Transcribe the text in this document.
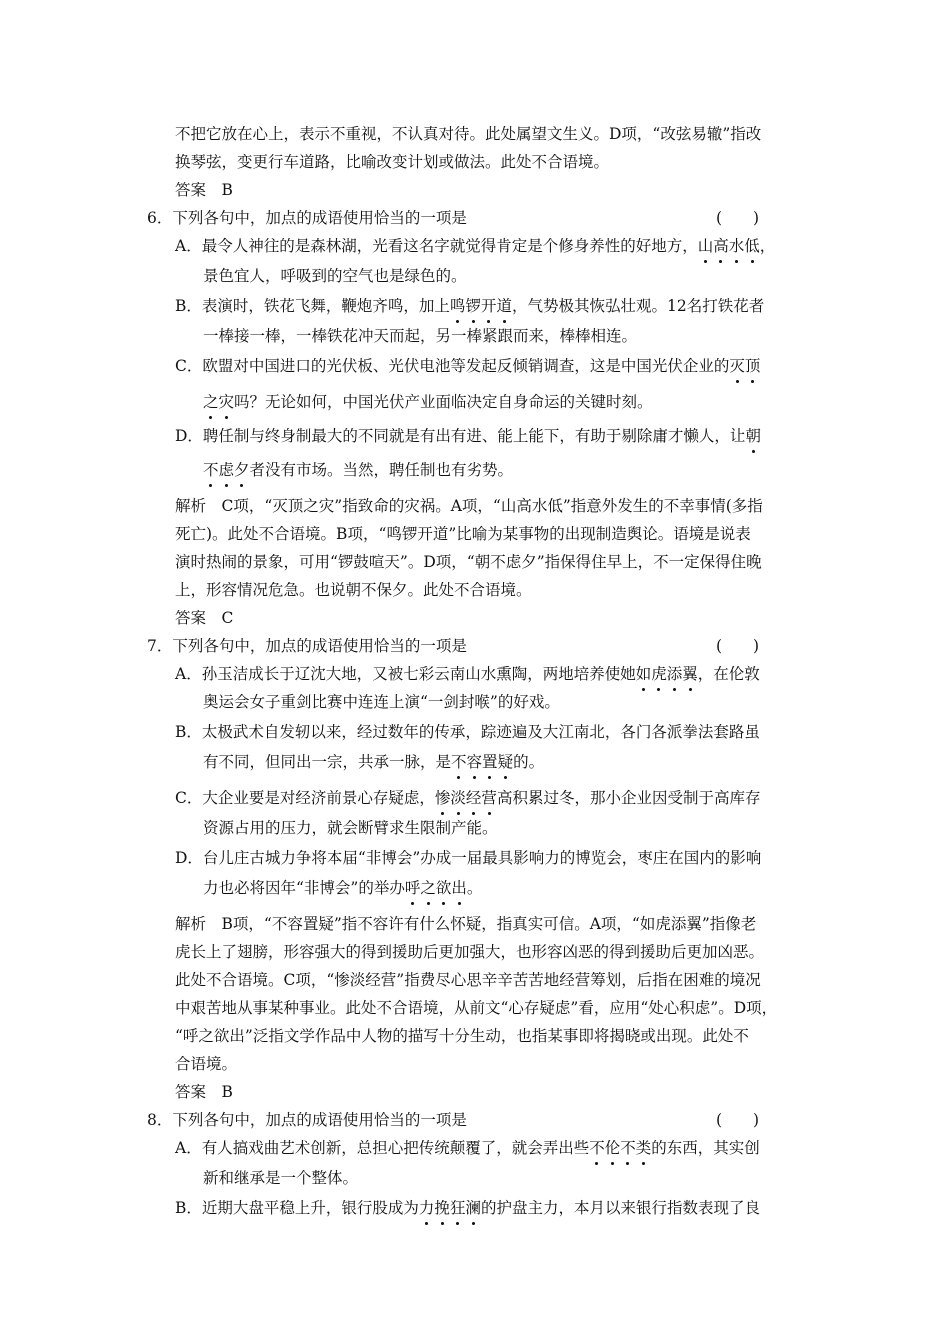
不把它放在心上，表示不重视，不认真对待。此处属望文生义。D项，“改弦易辙”指改
换琴弦，变更行车道路，比喻改变计划或做法。此处不合语境。
答案　B
6．下列各句中，加点的成语使用恰当的一项是
A．最令人神往的是森林湖，光看这名字就觉得肯定是个修身养性的好地方，山高水低，
景色宜人，呼吸到的空气也是绿色的。
B．表演时，铁花飞舞，鞭炮齐鸣，加上鸣锣开道，气势极其恢弘壮观。12名打铁花者
一棒接一棒，一棒铁花冲天而起，另一棒紧跟而来，棒棒相连。
C．欧盟对中国进口的光伏板、光伏电池等发起反倾销调查，这是中国光伏企业的灭顶
之灾吗？无论如何，中国光伏产业面临决定自身命运的关键时刻。
D．聘任制与终身制最大的不同就是有出有进、能上能下，有助于剔除庸才懒人，让朝
不虑夕者没有市场。当然，聘任制也有劣势。
解析　C项，“灭顶之灾”指致命的灾祸。A项，“山高水低”指意外发生的不幸事情(多指
死亡)。此处不合语境。B项，“鸣锣开道”比喻为某事物的出现制造舆论。语境是说表
演时热闹的景象，可用“锣鼓喧天”。D项，“朝不虑夕”指保得住早上，不一定保得住晚
上，形容情况危急。也说朝不保夕。此处不合语境。
答案　C
7．下列各句中，加点的成语使用恰当的一项是
A．孙玉洁成长于辽沈大地，又被七彩云南山水熏陶，两地培养使她如虎添翼，在伦敦
奥运会女子重剑比赛中连连上演“一剑封喉”的好戏。
B．太极武术自发轫以来，经过数年的传承，踪迹遍及大江南北，各门各派拳法套路虽
有不同，但同出一宗，共承一脉，是不容置疑的。
C．大企业要是对经济前景心存疑虑，惨淡经营高积累过冬，那小企业因受制于高库存
资源占用的压力，就会断臂求生限制产能。
D．台儿庄古城力争将本届“非博会”办成一届最具影响力的博览会，枣庄在国内的影响
力也必将因年“非博会”的举办呼之欲出。
解析　B项，“不容置疑”指不容许有什么怀疑，指真实可信。A项，“如虎添翼”指像老
虎长上了翅膀，形容强大的得到援助后更加强大，也形容凶恶的得到援助后更加凶恶。
此处不合语境。C项，“惨淡经营”指费尽心思辛辛苦苦地经营筹划，后指在困难的境况
中艰苦地从事某种事业。此处不合语境，从前文“心存疑虑”看，应用“处心积虑”。D项，
“呼之欲出”泛指文学作品中人物的描写十分生动，也指某事即将揭晓或出现。此处不
合语境。
答案　B
8．下列各句中，加点的成语使用恰当的一项是
A．有人搞戏曲艺术创新，总担心把传统颠覆了，就会弄出些不伦不类的东西，其实创
新和继承是一个整体。
B．近期大盘平稳上升，银行股成为力挽狂澜的护盘主力，本月以来银行指数表现了良
(　　)
(　　)
(　　)
